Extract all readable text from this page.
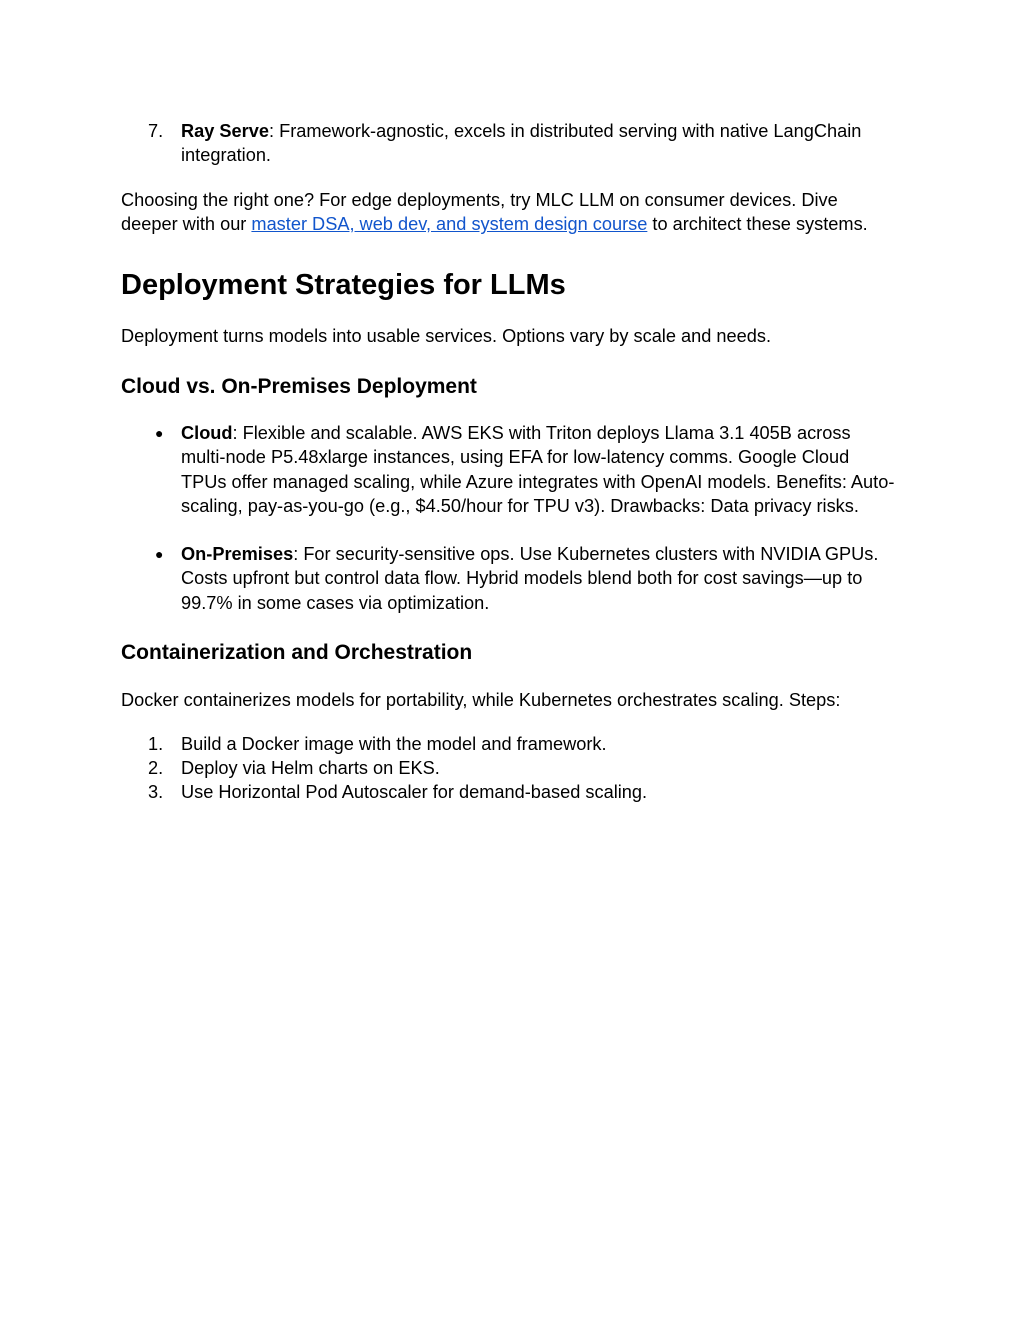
7. Ray Serve: Framework-agnostic, excels in distributed serving with native LangChain integration.

Choosing the right one? For edge deployments, try MLC LLM on consumer devices. Dive deeper with our master DSA, web dev, and system design course to architect these systems.

Deployment Strategies for LLMs

Deployment turns models into usable services. Options vary by scale and needs.

Cloud vs. On-Premises Deployment
● Cloud: Flexible and scalable. AWS EKS with Triton deploys Llama 3.1 405B across multi-node P5.48xlarge instances, using EFA for low-latency comms. Google Cloud TPUs offer managed scaling, while Azure integrates with OpenAI models. Benefits: Auto-scaling, pay-as-you-go (e.g., $4.50/hour for TPU v3). Drawbacks: Data privacy risks.
● On-Premises: For security-sensitive ops. Use Kubernetes clusters with NVIDIA GPUs. Costs upfront but control data flow. Hybrid models blend both for cost savings—up to 99.7% in some cases via optimization.
Containerization and Orchestration

Docker containerizes models for portability, while Kubernetes orchestrates scaling. Steps:

1. Build a Docker image with the model and framework.
2. Deploy via Helm charts on EKS.
3. Use Horizontal Pod Autoscaler for demand-based scaling.
